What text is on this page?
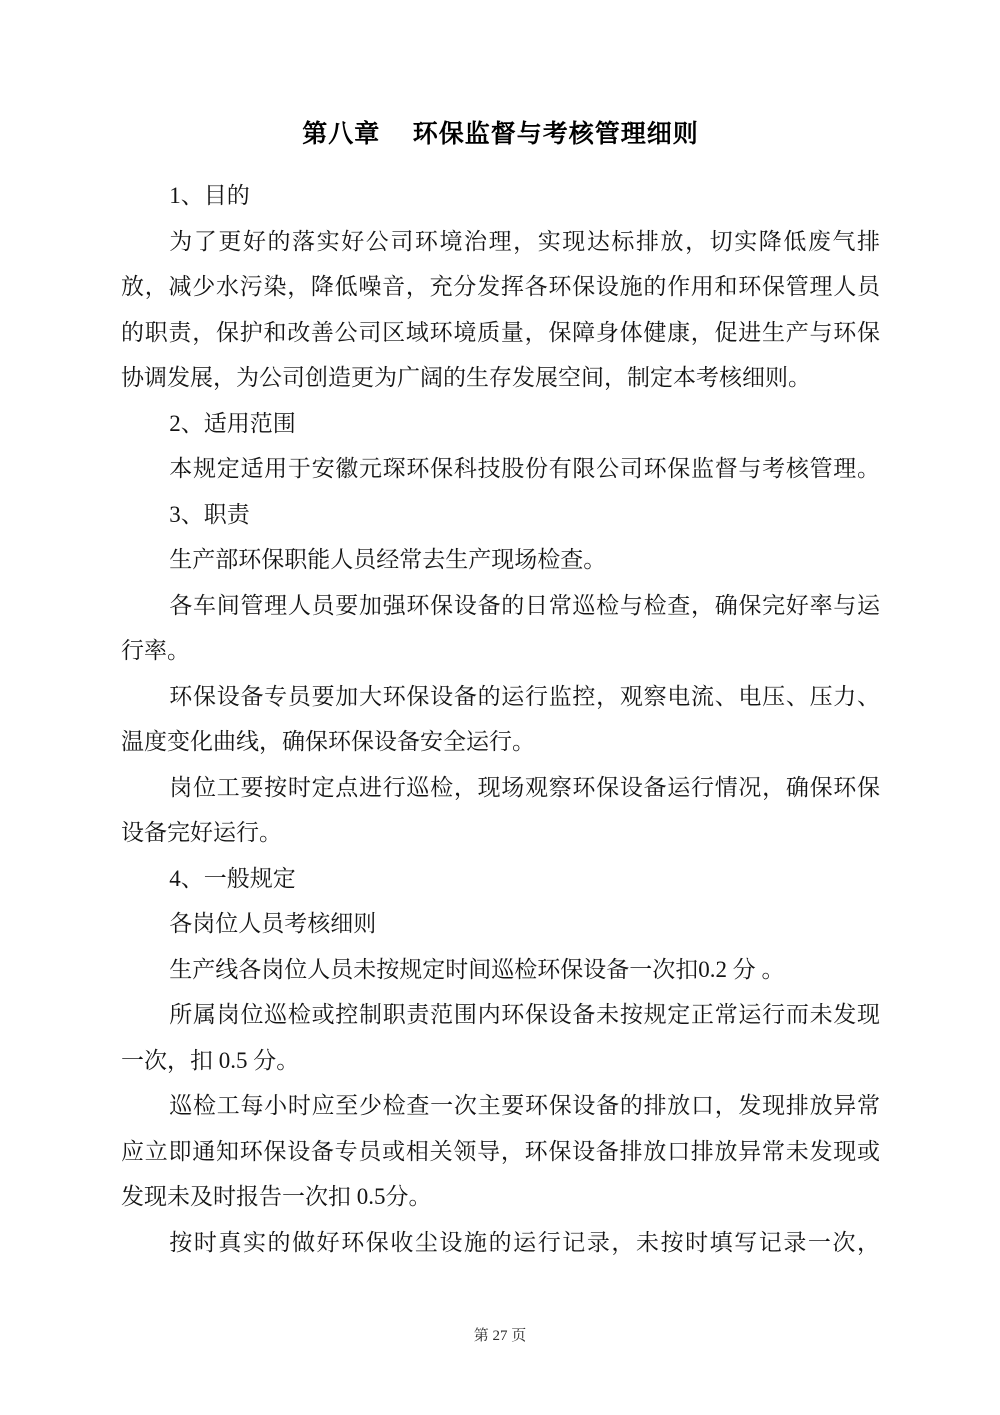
第八章 环保监督与考核管理细则
1、目的
为了更好的落实好公司环境治理，实现达标排放，切实降低废气排
放，减少水污染，降低噪音，充分发挥各环保设施的作用和环保管理人员
的职责，保护和改善公司区域环境质量，保障身体健康，促进生产与环保
协调发展，为公司创造更为广阔的生存发展空间，制定本考核细则。
2、适用范围
本规定适用于安徽元琛环保科技股份有限公司环保监督与考核管理。
3、职责
生产部环保职能人员经常去生产现场检查。
各车间管理人员要加强环保设备的日常巡检与检查，确保完好率与运
行率。
环保设备专员要加大环保设备的运行监控，观察电流、电压、压力、
温度变化曲线，确保环保设备安全运行。
岗位工要按时定点进行巡检，现场观察环保设备运行情况，确保环保
设备完好运行。
4、一般规定
各岗位人员考核细则
生产线各岗位人员未按规定时间巡检环保设备一次扣0.2 分 。
所属岗位巡检或控制职责范围内环保设备未按规定正常运行而未发现
一次，扣 0.5 分。
巡检工每小时应至少检查一次主要环保设备的排放口，发现排放异常
应立即通知环保设备专员或相关领导，环保设备排放口排放异常未发现或
发现未及时报告一次扣 0.5分。
按时真实的做好环保收尘设施的运行记录，未按时填写记录一次，
第 27 页
